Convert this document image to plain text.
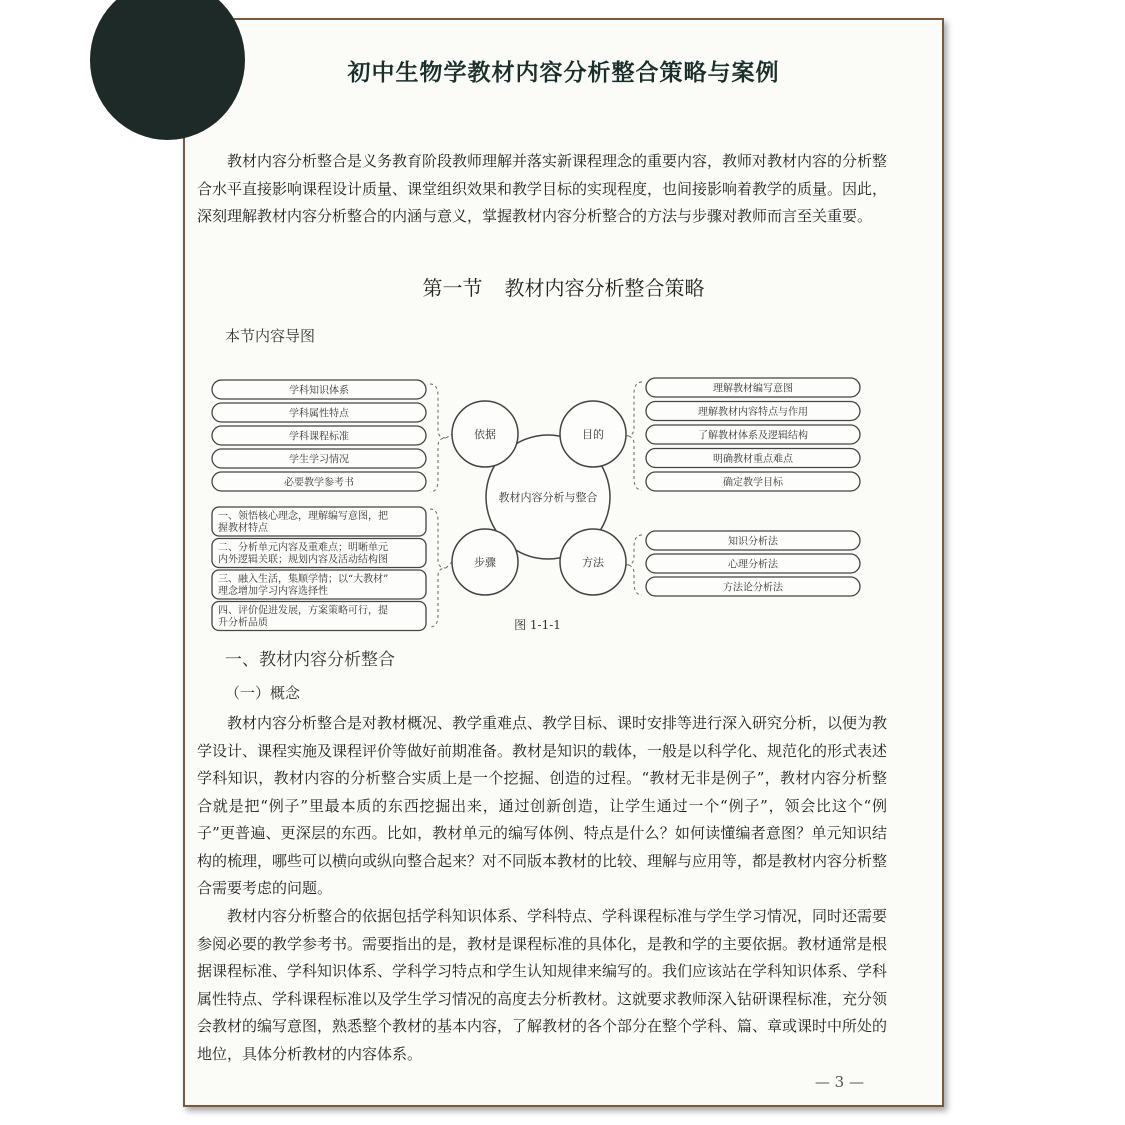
初中生物学教材内容分析整合策略与案例
教材内容分析整合是义务教育阶段教师理解并落实新课程理念的重要内容，教师对教材内容的分析整合水平直接影响课程设计质量、课堂组织效果和教学目标的实现程度，也间接影响着教学的质量。因此，深刻理解教材内容分析整合的内涵与意义，掌握教材内容分析整合的方法与步骤对教师而言至关重要。
第一节 教材内容分析整合策略
本节内容导图
教材内容分析与整合
依据	目的
步骤	方法
学科知识体系
学科属性特点
学科课程标准
学生学习情况
必要教学参考书
理解教材编写意图
理解教材内容特点与作用
了解教材体系及逻辑结构
明确教材重点难点
确定教学目标
一、领悟核心理念，理解编写意图，把
握教材特点
二、分析单元内容及重难点；明晰单元
内外逻辑关联；规划内容及活动结构图
三、融入生活，集顺学情；以“大教材”
理念增加学习内容选择性
四、评价促进发展，方案策略可行，提
升分析品质
知识分析法
心理分析法
方法论分析法
图 1-1-1
一、教材内容分析整合
（一）概念
教材内容分析整合是对教材概况、教学重难点、教学目标、课时安排等进行深入研究分析，以便为教学设计、课程实施及课程评价等做好前期准备。教材是知识的载体，一般是以科学化、规范化的形式表述学科知识，教材内容的分析整合实质上是一个挖掘、创造的过程。“教材无非是例子”，教材内容分析整合就是把“例子”里最本质的东西挖掘出来，通过创新创造，让学生通过一个“例子”，领会比这个“例子”更普遍、更深层的东西。比如，教材单元的编写体例、特点是什么？如何读懂编者意图？单元知识结构的梳理，哪些可以横向或纵向整合起来？对不同版本教材的比较、理解与应用等，都是教材内容分析整合需要考虑的问题。
教材内容分析整合的依据包括学科知识体系、学科特点、学科课程标准与学生学习情况，同时还需要参阅必要的教学参考书。需要指出的是，教材是课程标准的具体化，是教和学的主要依据。教材通常是根据课程标准、学科知识体系、学科学习特点和学生认知规律来编写的。我们应该站在学科知识体系、学科属性特点、学科课程标准以及学生学习情况的高度去分析教材。这就要求教师深入钻研课程标准，充分领会教材的编写意图，熟悉整个教材的基本内容，了解教材的各个部分在整个学科、篇、章或课时中所处的地位，具体分析教材的内容体系。
— 3 —
